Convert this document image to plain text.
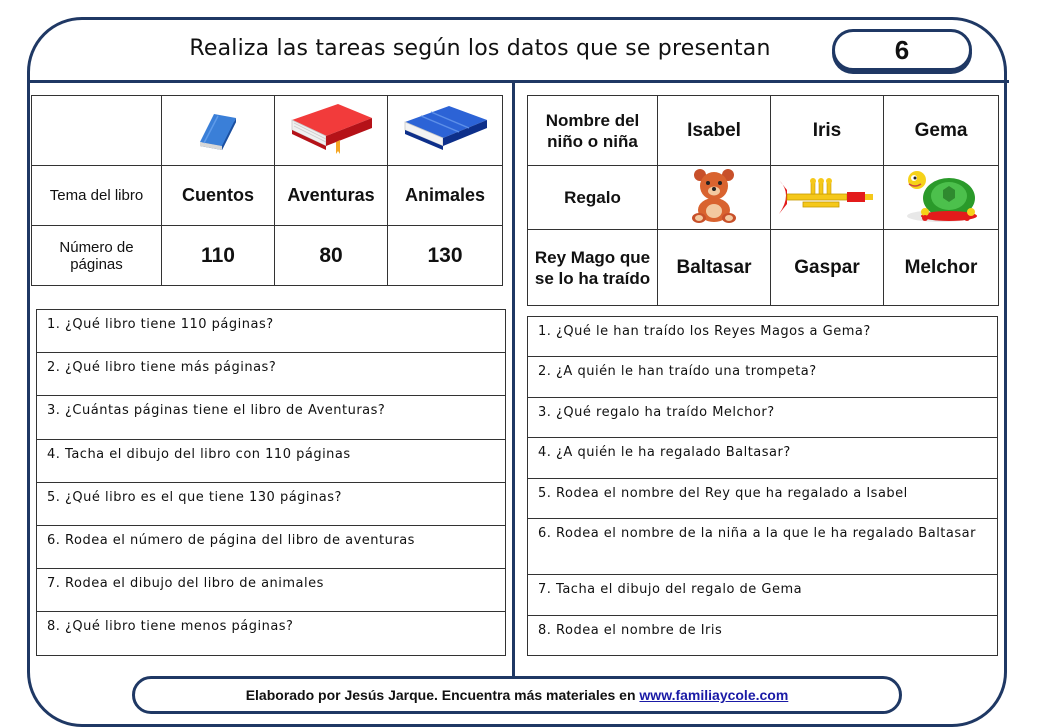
Realiza las tareas según los datos que se presentan	6

Tema del libro	Cuentos	Aventuras	Animales
Número de páginas	110	80	130
Nombre del niño o niña	Isabel	Iris	Gema
Regalo			
Rey Mago que se lo ha traído	Baltasar	Gaspar	Melchor
1. ¿Qué libro tiene 110 páginas?
2. ¿Qué libro tiene más páginas?
3. ¿Cuántas páginas tiene el libro de Aventuras?
4. Tacha el dibujo del libro con 110 páginas
5. ¿Qué libro es el que tiene 130 páginas?
6. Rodea el número de página del libro de aventuras
7. Rodea el dibujo del libro de animales
8. ¿Qué libro tiene menos páginas?
1. ¿Qué le han traído los Reyes Magos a Gema?
2. ¿A quién le han traído una trompeta?
3. ¿Qué regalo ha traído Melchor?
4. ¿A quién le ha regalado Baltasar?
5. Rodea el nombre del Rey que ha regalado a Isabel
6. Rodea el nombre de la niña a la que le ha regalado Baltasar
7. Tacha el dibujo del regalo de Gema
8. Rodea el nombre de Iris
Elaborado por Jesús Jarque. Encuentra más materiales en www.familiaycole.com
